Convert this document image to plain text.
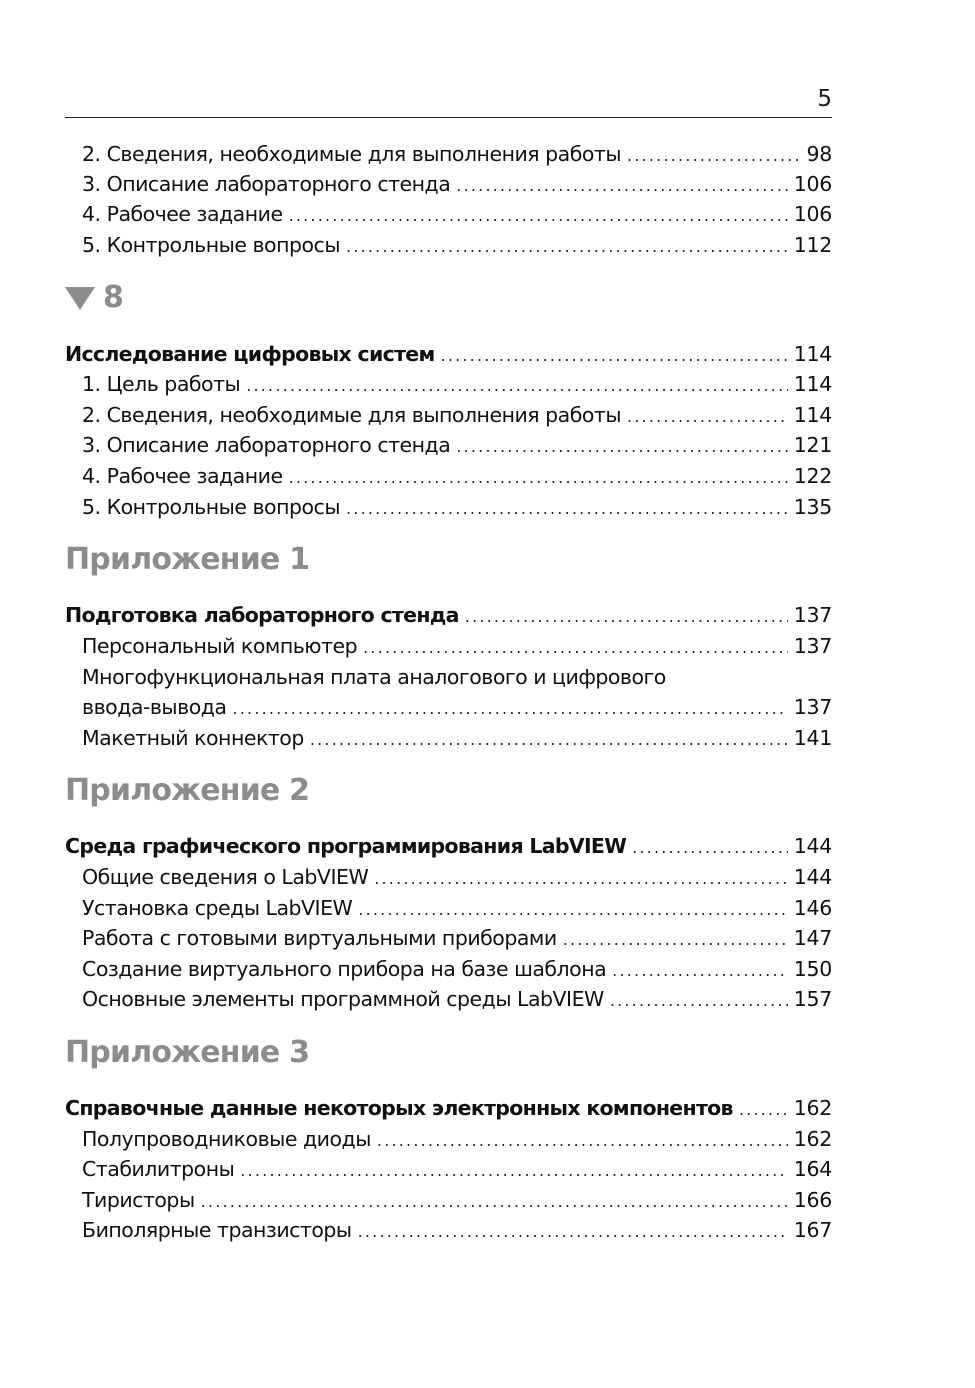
5
2. Сведения, необходимые для выполнения работы .....	98
3. Описание лабораторного стенда .....	106
4. Рабочее задание .....	106
5. Контрольные вопросы .....	112
8
Исследование цифровых систем .....	114
1. Цель работы .....	114
2. Сведения, необходимые для выполнения работы .....	114
3. Описание лабораторного стенда .....	121
4. Рабочее задание .....	122
5. Контрольные вопросы .....	135
Приложение 1
Подготовка лабораторного стенда .....	137
Персональный компьютер .....	137
Многофункциональная плата аналогового и цифрового
ввода-вывода .....	137
Макетный коннектор .....	141
Приложение 2
Среда графического программирования LabVIEW .....	144
Общие сведения о LabVIEW .....	144
Установка среды LabVIEW .....	146
Работа с готовыми виртуальными приборами .....	147
Создание виртуального прибора на базе шаблона .....	150
Основные элементы программной среды LabVIEW .....	157
Приложение 3
Справочные данные некоторых электронных компонентов .....	162
Полупроводниковые диоды .....	162
Стабилитроны .....	164
Тиристоры .....	166
Биполярные транзисторы .....	167
